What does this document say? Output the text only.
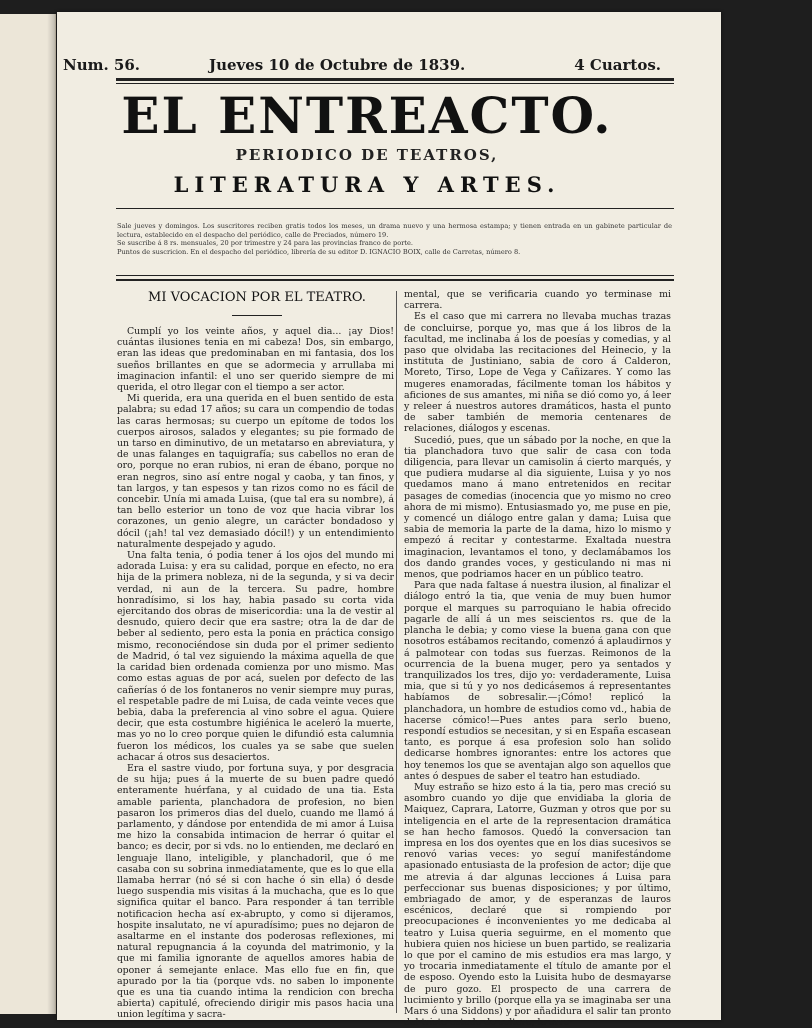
Num. 56.	Jueves 10 de Octubre de 1839.	4 Cuartos.
EL ENTREACTO.
PERIODICO DE TEATROS,
LITERATURA Y ARTES.

Sale jueves y domingos. Los suscritores reciben gratis todos los meses, un drama nuevo y una hermosa estampa; y tienen entrada en un gabinete particular de lectura, establecido en el despacho del periódico, calle de Preciados, número 19.

Se suscribe á 8 rs. mensuales, 20 por trimestre y 24 para las provincias franco de porte.

Puntos de suscricion. En el despacho del periódico, librería de su editor D. IGNACIO BOIX, calle de Carretas, número 8.

MI VOCACION POR EL TEATRO.

Cumplí yo los veinte años, y aquel dia... ¡ay Dios! cuántas ilusiones tenia en mi cabeza! Dos, sin embargo, eran las ideas que predominaban en mi fantasia, dos los sueños brillantes en que se adormecia y arrullaba mi imaginacion infantil: el uno ser querido siempre de mi querida, el otro llegar con el tiempo a ser actor.

Mi querida, era una querida en el buen sentido de esta palabra; su edad 17 años; su cara un compendio de todas las caras hermosas; su cuerpo un epítome de todos los cuerpos airosos, salados y elegantes; su pie formado de un tarso en diminutivo, de un metatarso en abreviatura, y de unas falanges en taquigrafía; sus cabellos no eran de oro, porque no eran rubios, ni eran de ébano, porque no eran negros, sino así entre nogal y caoba, y tan finos, y tan largos, y tan espesos y tan rizos como no es fácil de concebir. Unía mi amada Luisa, (que tal era su nombre), á tan bello esterior un tono de voz que hacia vibrar los corazones, un genio alegre, un carácter bondadoso y dócil (¡ah! tal vez demasiado dócil!) y un entendimiento naturalmente despejado y agudo.

Una falta tenia, ó podia tener á los ojos del mundo mi adorada Luisa: y era su calidad, porque en efecto, no era hija de la primera nobleza, ni de la segunda, y si va decir verdad, ni aun de la tercera. Su padre, hombre honradísimo, si los hay, habia pasado su corta vida ejercitando dos obras de misericordia: una la de vestir al desnudo, quiero decir que era sastre; otra la de dar de beber al sediento, pero esta la ponia en práctica consigo mismo, reconociéndose sin duda por el primer sediento de Madrid, ó tal vez siguiendo la máxima aquella de que la caridad bien ordenada comienza por uno mismo. Mas como estas aguas de por acá, suelen por defecto de las cañerías ó de los fontaneros no venir siempre muy puras, el respetable padre de mi Luisa, de cada veinte veces que bebia, daba la preferencia al vino sobre el agua. Quiere decir, que esta costumbre higiénica le aceleró la muerte, mas yo no lo creo porque quien le difundió esta calumnia fueron los médicos, los cuales ya se sabe que suelen achacar á otros sus desaciertos.

Era el sastre viudo, por fortuna suya, y por desgracia de su hija; pues á la muerte de su buen padre quedó enteramente huérfana, y al cuidado de una tia. Esta amable parienta, planchadora de profesion, no bien pasaron los primeros dias del duelo, cuando me llamó á parlamento, y dándose por entendida de mi amor á Luisa me hizo la consabida intimacion de herrar ó quitar el banco; es decir, por si vds. no lo entienden, me declaró en lenguaje llano, inteligible, y planchadoril, que ó me casaba con su sobrina inmediatamente, que es lo que ella llamaba herrar (nó sé si con hache ó sin ella) ó desde luego suspendia mis visitas á la muchacha, que es lo que significa quitar el banco. Para responder á tan terrible notificacion hecha así ex-abrupto, y como si dijeramos, hospite insalutato, ne ví apuradísimo; pues no dejaron de asaltarme en el instante dos poderosas reflexiones, mi natural repugnancia á la coyunda del matrimonio, y la que mi familia ignorante de aquellos amores habia de oponer á semejante enlace. Mas ello fue en fin, que apurado por la tia (porque vds. no saben lo imponente que es una tia cuando intima la rendicion con brecha abierta) capitulé, ofreciendo dirigir mis pasos hacia una union legítima y sacra-

mental, que se verificaria cuando yo terminase mi carrera.

Es el caso que mi carrera no llevaba muchas trazas de concluirse, porque yo, mas que á los libros de la facultad, me inclinaba á los de poesías y comedias, y al paso que olvidaba las recitaciones del Heinecio, y la instituta de Justiniano, sabia de coro á Calderon, Moreto, Tirso, Lope de Vega y Cañizares. Y como las mugeres enamoradas, fácilmente toman los hábitos y aficiones de sus amantes, mi niña se dió como yo, á leer y releer á nuestros autores dramáticos, hasta el punto de saber también de memoria centenares de relaciones, diálogos y escenas.

Sucedió, pues, que un sábado por la noche, en que la tia planchadora tuvo que salir de casa con toda diligencia, para llevar un camisolin á cierto marqués, y que pudiera mudarse al dia siguiente, Luisa y yo nos quedamos mano á mano entretenidos en recitar pasages de comedias (inocencia que yo mismo no creo ahora de mi mismo). Entusiasmado yo, me puse en pie, y comencé un diálogo entre galan y dama; Luisa que sabia de memoria la parte de la dama, hizo lo mismo y empezó á recitar y contestarme. Exaltada nuestra imaginacion, levantamos el tono, y declamábamos los dos dando grandes voces, y gesticulando ni mas ni menos, que podriamos hacer en un público teatro.

Para que nada faltase á nuestra ilusion, al finalizar el diálogo entró la tia, que venia de muy buen humor porque el marques su parroquiano le habia ofrecido pagarle de allí á un mes seiscientos rs. que de la plancha le debia; y como viese la buena gana con que nosotros estábamos recitando, comenzó á aplaudirnos y á palmotear con todas sus fuerzas. Reimonos de la ocurrencia de la buena muger, pero ya sentados y tranquilizados los tres, dijo yo: verdaderamente, Luisa mia, que si tú y yo nos dedicásemos á representantes habíamos de sobresalir.—¡Cómo! replicó la planchadora, un hombre de estudios como vd., habia de hacerse cómico!—Pues antes para serlo bueno, respondí estudios se necesitan, y si en España escasean tanto, es porque á esa profesion solo han solido dedicarse hombres ignorantes: entre los actores que hoy tenemos los que se aventajan algo son aquellos que antes ó despues de saber el teatro han estudiado.

Muy estraño se hizo esto á la tia, pero mas creció su asombro cuando yo dije que envidiaba la gloria de Maiquez, Caprara, Latorre, Guzman y otros que por su inteligencia en el arte de la representacion dramática se han hecho famosos. Quedó la conversacion tan impresa en los dos oyentes que en los dias sucesivos se renovó varias veces: yo seguí manifestándome apasionado entusiasta de la profesion de actor; dije que me atrevia á dar algunas lecciones á Luisa para perfeccionar sus buenas disposiciones; y por último, embriagado de amor, y de esperanzas de lauros escénicos, declaré que si rompiendo por preocupaciones é inconvenientes yo me dedicaba al teatro y Luisa queria seguirme, en el momento que hubiera quien nos hiciese un buen partido, se realizaria lo que por el camino de mis estudios era mas largo, y yo trocaria inmediatamente el título de amante por el de esposo. Oyendo esto la Luisita hubo de desmayarse de puro gozo. El prospecto de una carrera de lucimiento y brillo (porque ella ya se imaginaba ser una Mars ó una Siddons) y por añadidura el salir tan pronto del triste estado de soltera, la arre-
